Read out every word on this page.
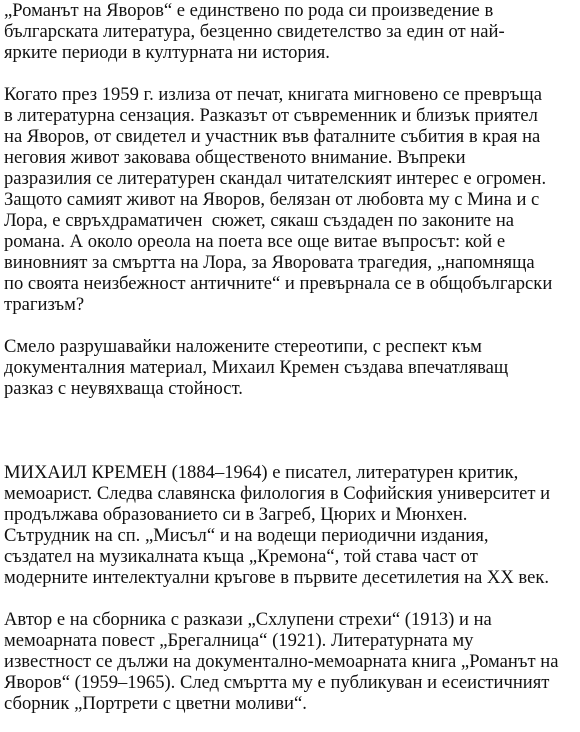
„Романът на Яворов“ е единствено по рода си произведение в
българската литература, безценно свидетелство за един от най-
ярките периоди в културната ни история.
Когато през 1959 г. излиза от печат, книгата мигновено се превръща
в литературна сензация. Разказът от съвременник и близък приятел
на Яворов, от свидетел и участник във фаталните събития в края на
неговия живот заковава общественото внимание. Въпреки
разразилия се литературен скандал читателският интерес е огромен.
Защото самият живот на Яворов, белязан от любовта му с Мина и с
Лора, е свръхдраматичен  сюжет, сякаш създаден по законите на
романа. А около ореола на поета все още витае въпросът: кой е
виновният за смъртта на Лора, за Яворовата трагедия, „напомняща
по своята неизбежност античните“ и превърнала се в общобългарски
трагизъм?
Смело разрушавайки наложените стереотипи, с респект към
документалния материал, Михаил Кремен създава впечатляващ
разказ с неувяхваща стойност.
МИХАИЛ КРЕМЕН (1884–1964) е писател, литературен критик,
мемоарист. Следва славянска филология в Софийския университет и
продължава образованието си в Загреб, Цюрих и Мюнхен.
Сътрудник на сп. „Мисъл“ и на водещи периодични издания,
създател на музикалната къща „Кремона“, той става част от
модерните интелектуални кръгове в първите десетилетия на XX век.
Автор е на сборника с разкази „Схлупени стрехи“ (1913) и на
мемоарната повест „Брегалница“ (1921). Литературната му
известност се дължи на документално-мемоарната книга „Романът на
Яворов“ (1959–1965). След смъртта му е публикуван и есеистичният
сборник „Портрети с цветни моливи“.
